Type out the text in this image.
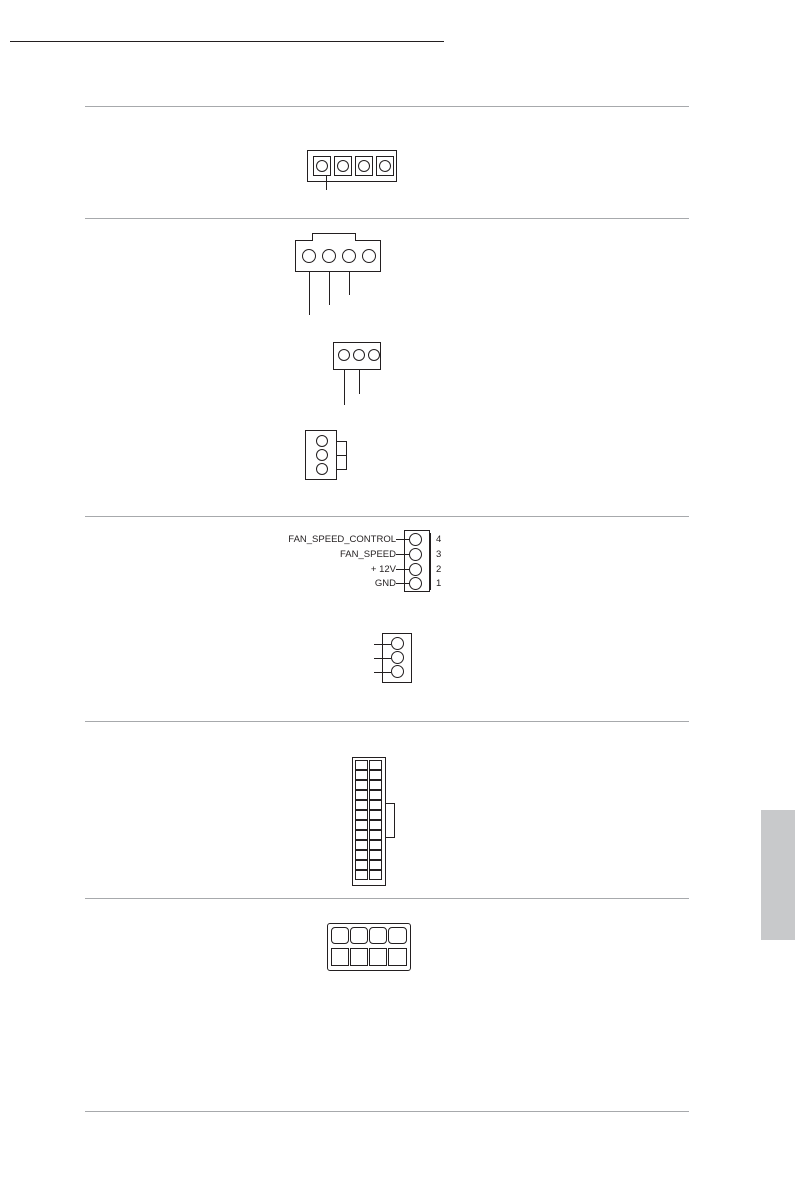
FAN_SPEED_CONTROL
FAN_SPEED
+ 12V
GND
4
3
2
1
